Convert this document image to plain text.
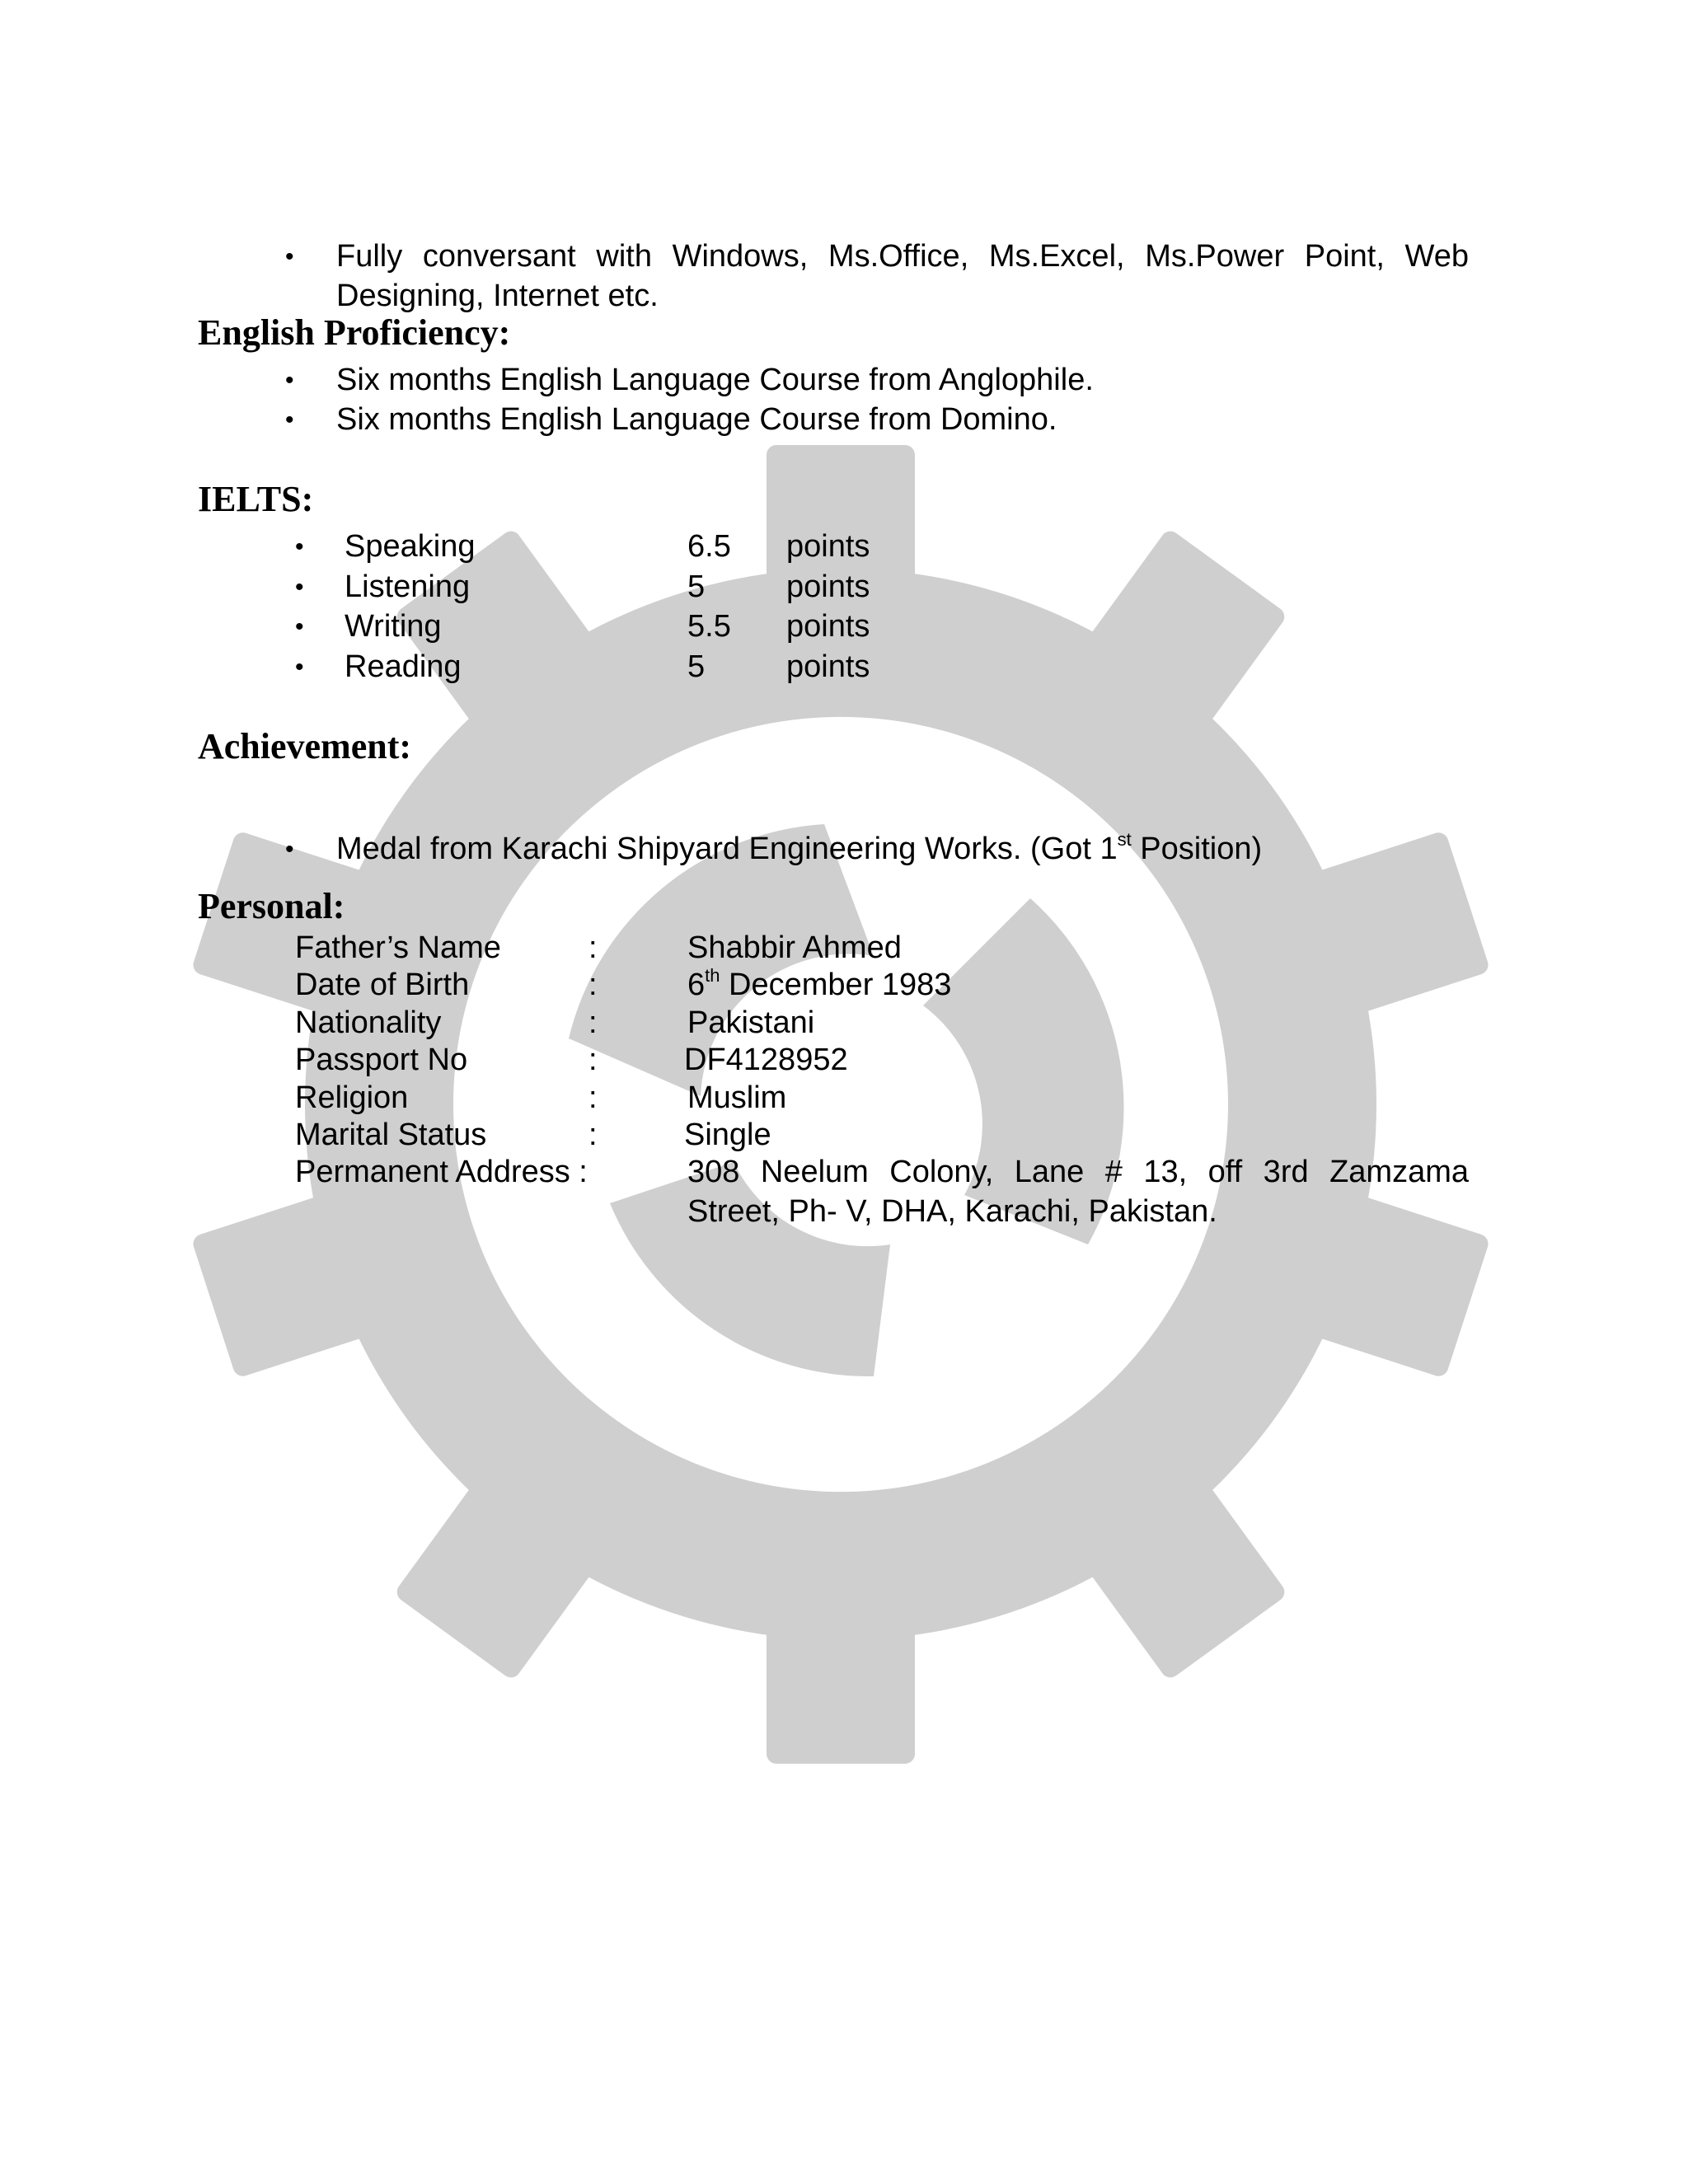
• Fully conversant with Windows, Ms.Office, Ms.Excel, Ms.Power Point, Web
Designing, Internet etc.
English Proficiency:
• Six months English Language Course from Anglophile.
• Six months English Language Course from Domino.
IELTS:
• Speaking	6.5 points
• Listening	5	points
• Writing	5.5 points
• Reading	5	points
Achievement:
• Medal from Karachi Shipyard Engineering Works. (Got 1st Position)
Personal:
Father’s Name	:	Shabbir Ahmed
Date of Birth	:	6th December 1983
Nationality	:	Pakistani
Passport No	:	DF4128952
Religion	:	Muslim
Marital Status	:	Single
Permanent Address :	308 Neelum Colony, Lane # 13, off 3rd Zamzama
Street, Ph- V, DHA, Karachi, Pakistan.
